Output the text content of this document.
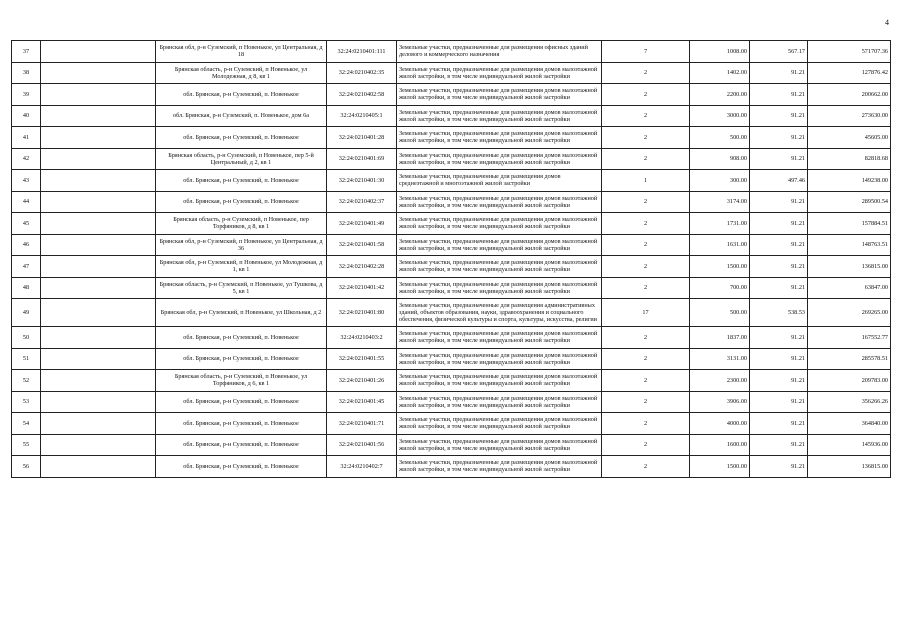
4
37		Брянская обл, р-н Суземский, п Новенькое, ул Центральная, д 18	32:24:0210401:111	Земельные участки, предназначенные для размещения офисных зданий делового и коммерческого назначения	7	1008.00	567.17	571707.36
38		Брянская область, р-н Суземский, п Новенькое, ул Молодежная, д 8, кв 1	32:24:0210402:35	Земельные участки, предназначенные для размещения домов малоэтажной жилой застройки, в том числе индивидуальной жилой застройки	2	1402.00	91.21	127876.42
39		обл. Брянская, р-н Суземский, п. Новенькое	32:24:0210402:58	Земельные участки, предназначенные для размещения домов малоэтажной жилой застройки, в том числе индивидуальной жилой застройки	2	2200.00	91.21	200662.00
40		обл. Брянская, р-н Суземский, п. Новенькое, дом 6а	32:24:0210405:1	Земельные участки, предназначенные для размещения домов малоэтажной жилой застройки, в том числе индивидуальной жилой застройки	2	3000.00	91.21	273630.00
41		обл. Брянская, р-н Суземский, п. Новенькое	32:24:0210401:28	Земельные участки, предназначенные для размещения домов малоэтажной жилой застройки, в том числе индивидуальной жилой застройки	2	500.00	91.21	45605.00
42		Брянская область, р-н Суземский, п Новенькое, пер 5-й Центральный, д 2, кв 1	32:24:0210401:69	Земельные участки, предназначенные для размещения домов малоэтажной жилой застройки, в том числе индивидуальной жилой застройки	2	908.00	91.21	82818.68
43		обл. Брянская, р-н Суземский, п. Новенькое	32:24:0210401:30	Земельные участки, предназначенные для размещения домов среднеэтажной и многоэтажной жилой застройки	1	300.00	497.46	149238.00
44		обл. Брянская, р-н Суземский, п. Новенькое	32:24:0210402:37	Земельные участки, предназначенные для размещения домов малоэтажной жилой застройки, в том числе индивидуальной жилой застройки	2	3174.00	91.21	289500.54
45		Брянская область, р-н Суземский, п Новенькое, пер Торфяников, д 8, кв 1	32:24:0210401:49	Земельные участки, предназначенные для размещения домов малоэтажной жилой застройки, в том числе индивидуальной жилой застройки	2	1731.00	91.21	157884.51
46		Брянская обл, р-н Суземский, п Новенькое, ул Центральная, д 36	32:24:0210401:58	Земельные участки, предназначенные для размещения домов малоэтажной жилой застройки, в том числе индивидуальной жилой застройки	2	1631.00	91.21	148763.51
47		Брянская обл, р-н Суземский, п Новенькое, ул Молодежная, д 1, кв 1	32:24:0210402:28	Земельные участки, предназначенные для размещения домов малоэтажной жилой застройки, в том числе индивидуальной жилой застройки	2	1500.00	91.21	136815.00
48		Брянская область, р-н Суземский, п Новенькое, ул Тушкова, д 5, кв 1	32:24:0210401:42	Земельные участки, предназначенные для размещения домов малоэтажной жилой застройки, в том числе индивидуальной жилой застройки	2	700.00	91.21	63847.00
49		Брянская обл, р-н Суземский, п Новенькое, ул Школьная, д 2	32:24:0210401:80	Земельные участки, предназначенные для размещения административных зданий, объектов образования, науки, здравоохранения и социального обеспечения, физической культуры и спорта, культуры, искусства, религии	17	500.00	538.53	269265.00
50		обл. Брянская, р-н Суземский, п. Новенькое	32:24:0210403:2	Земельные участки, предназначенные для размещения домов малоэтажной жилой застройки, в том числе индивидуальной жилой застройки	2	1837.00	91.21	167552.77
51		обл. Брянская, р-н Суземский, п. Новенькое	32:24:0210401:55	Земельные участки, предназначенные для размещения домов малоэтажной жилой застройки, в том числе индивидуальной жилой застройки	2	3131.00	91.21	285578.51
52		Брянская область, р-н Суземский, п Новенькое, ул Торфяников, д 6, кв 1	32:24:0210401:26	Земельные участки, предназначенные для размещения домов малоэтажной жилой застройки, в том числе индивидуальной жилой застройки	2	2300.00	91.21	209783.00
53		обл. Брянская, р-н Суземский, п. Новенькое	32:24:0210401:45	Земельные участки, предназначенные для размещения домов малоэтажной жилой застройки, в том числе индивидуальной жилой застройки	2	3906.00	91.21	356266.26
54		обл. Брянская, р-н Суземский, п. Новенькое	32:24:0210401:71	Земельные участки, предназначенные для размещения домов малоэтажной жилой застройки, в том числе индивидуальной жилой застройки	2	4000.00	91.21	364840.00
55		обл. Брянская, р-н Суземский, п. Новенькое	32:24:0210401:56	Земельные участки, предназначенные для размещения домов малоэтажной жилой застройки, в том числе индивидуальной жилой застройки	2	1600.00	91.21	145936.00
56		обл. Брянская, р-н Суземский, п. Новенькое	32:24:0210402:7	Земельные участки, предназначенные для размещения домов малоэтажной жилой застройки, в том числе индивидуальной жилой застройки	2	1500.00	91.21	136815.00
